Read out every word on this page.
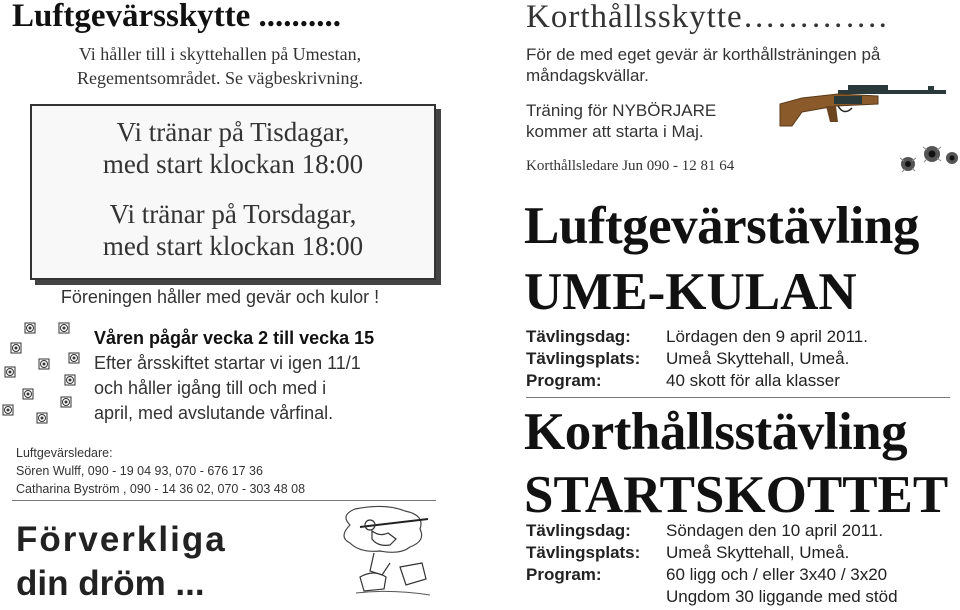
Luftgevärsskytte ..........
Vi håller till i skyttehallen på Umestan,
Regementsområdet. Se vägbeskrivning.
Vi tränar på Tisdagar,
med start klockan 18:00
Vi tränar på Torsdagar,
med start klockan 18:00
Föreningen håller med gevär och kulor !
Våren pågår vecka 2 till vecka 15
Efter årsskiftet startar vi igen 11/1
och håller igång till och med i
april, med avslutande vårfinal.
Luftgevärsledare:
Sören Wulff, 090 - 19 04 93, 070 - 676 17 36
Catharina Byström , 090 - 14 36 02, 070 - 303 48 08
Förverkliga
din dröm ...
Korthållsskytte………….
För de med eget gevär är korthållsträningen på
måndagskvällar.
Träning för NYBÖRJARE
kommer att starta i Maj.
Korthållsledare Jun 090 - 12 81 64
Luftgevärstävling
UME-KULAN
Tävlingsdag: Lördagen den 9 april 2011.
Tävlingsplats: Umeå Skyttehall, Umeå.
Program:	40 skott för alla klasser
Korthållsstävling
STARTSKOTTET
Tävlingsdag: Söndagen den 10 april 2011.
Tävlingsplats: Umeå Skyttehall, Umeå.
Program:	60 ligg och / eller 3x40 / 3x20
Ungdom 30 liggande med stöd
